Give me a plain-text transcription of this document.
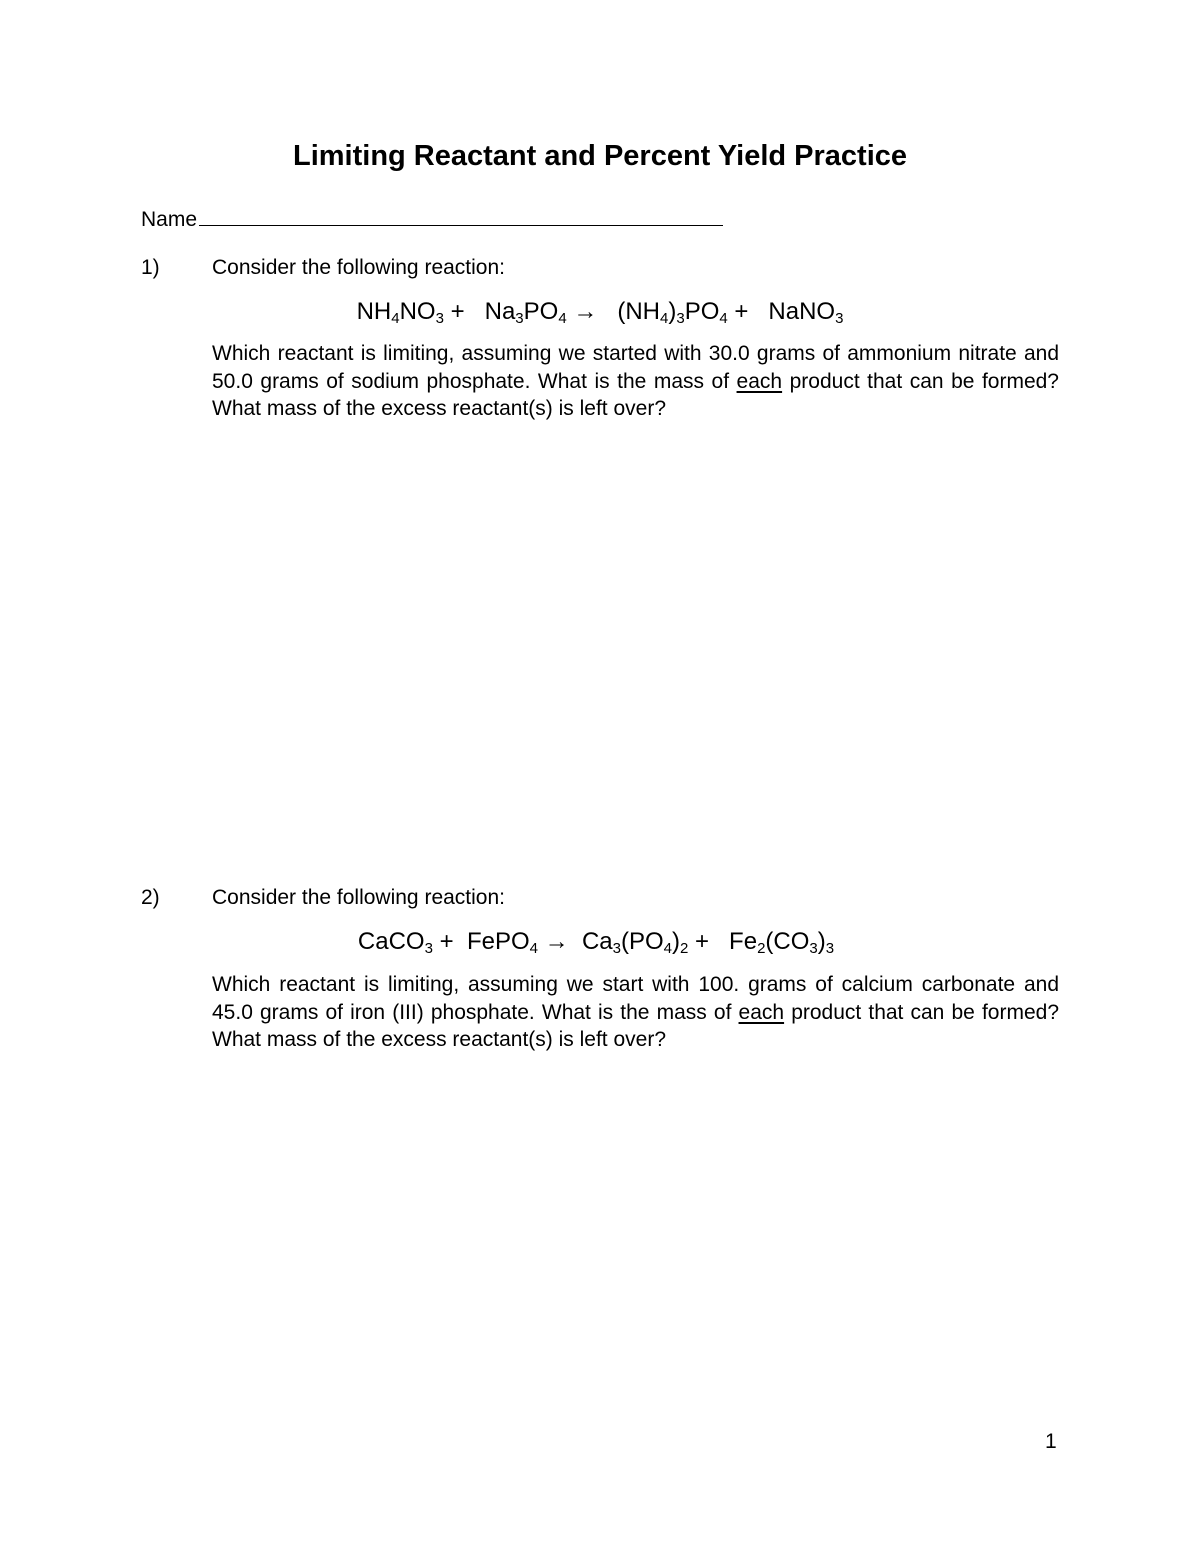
Limiting Reactant and Percent Yield Practice
Name
1) Consider the following reaction:
$NH_4NO_3 + Na_3PO_4 \to (NH_4)_3PO_4$ +   NaNO$_3$

Which reactant is limiting, assuming we started with 30.0 grams of ammonium nitrate and 50.0 grams of sodium phosphate. What is the mass of each product that can be formed? What mass of the excess reactant(s) is left over?

2) Consider the following reaction:
CaCO$_3$ +  FePO$_4$ →  $Ca_3(PO_4)_2 + Fe_2(CO_3)_3$

Which reactant is limiting, assuming we start with 100. grams of calcium carbonate and 45.0 grams of iron (III) phosphate. What is the mass of each product that can be formed? What mass of the excess reactant(s) is left over?

1
